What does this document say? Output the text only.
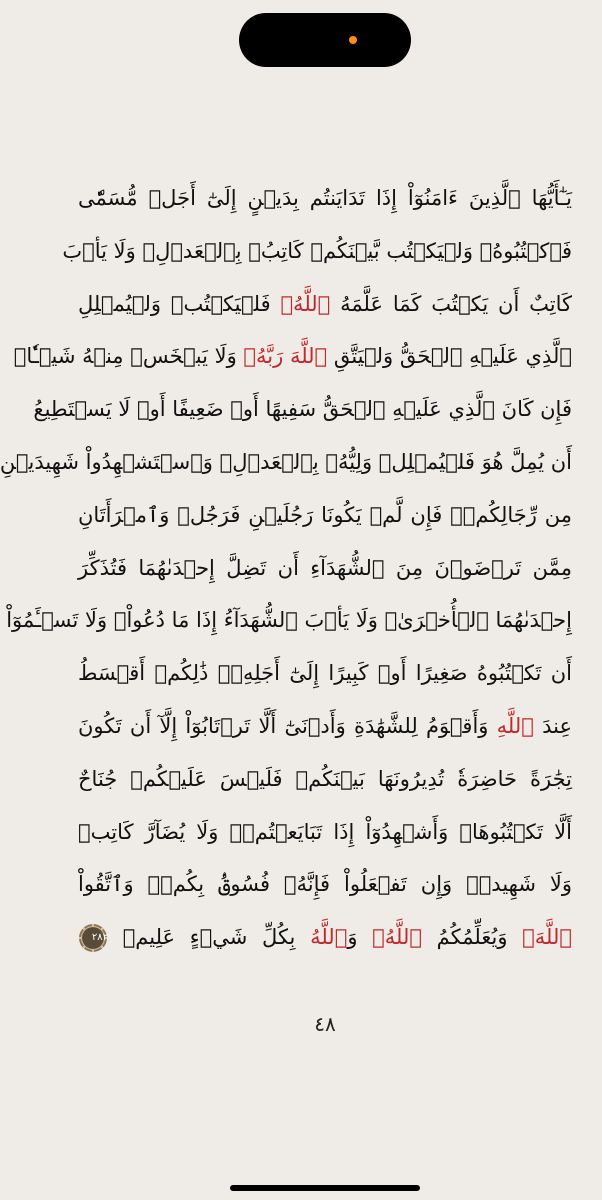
يَـٰٓأَيُّهَا ٱلَّذِينَ ءَامَنُوٓاْ إِذَا تَدَايَنتُم بِدَيۡنٍ إِلَىٰٓ أَجَلٖ مُّسَمّٗى
فَٱكۡتُبُوهُۚ وَلۡيَكۡتُب بَّيۡنَكُمۡ كَاتِبُۢ بِٱلۡعَدۡلِۚ وَلَا يَأۡبَ
كَاتِبٌ أَن يَكۡتُبَ كَمَا عَلَّمَهُ ٱللَّهُۚ فَلۡيَكۡتُبۡ وَلۡيُمۡلِلِ
ٱلَّذِي عَلَيۡهِ ٱلۡحَقُّ وَلۡيَتَّقِ ٱللَّهَ رَبَّهُۥ وَلَا يَبۡخَسۡ مِنۡهُ شَيۡـٔٗاۚ
فَإِن كَانَ ٱلَّذِي عَلَيۡهِ ٱلۡحَقُّ سَفِيهًا أَوۡ ضَعِيفًا أَوۡ لَا يَسۡتَطِيعُ
أَن يُمِلَّ هُوَ فَلۡيُمۡلِلۡ وَلِيُّهُۥ بِٱلۡعَدۡلِۚ وَٱسۡتَشۡهِدُواْ شَهِيدَيۡنِ
مِن رِّجَالِكُمۡۖ فَإِن لَّمۡ يَكُونَا رَجُلَيۡنِ فَرَجُلٞ وَٱمۡرَأَتَانِ
مِمَّن تَرۡضَوۡنَ مِنَ ٱلشُّهَدَآءِ أَن تَضِلَّ إِحۡدَىٰهُمَا فَتُذَكِّرَ
إِحۡدَىٰهُمَا ٱلۡأُخۡرَىٰۚ وَلَا يَأۡبَ ٱلشُّهَدَآءُ إِذَا مَا دُعُواْۚ وَلَا تَسۡـَٔمُوٓاْ
أَن تَكۡتُبُوهُ صَغِيرًا أَوۡ كَبِيرًا إِلَىٰٓ أَجَلِهِۦۚ ذَٰلِكُمۡ أَقۡسَطُ
عِندَ ٱللَّهِ وَأَقۡوَمُ لِلشَّهَٰدَةِ وَأَدۡنَىٰٓ أَلَّا تَرۡتَابُوٓاْ إِلَّآ أَن تَكُونَ
تِجَٰرَةً حَاضِرَةٗ تُدِيرُونَهَا بَيۡنَكُمۡ فَلَيۡسَ عَلَيۡكُمۡ جُنَاحٌ
أَلَّا تَكۡتُبُوهَاۗ وَأَشۡهِدُوٓاْ إِذَا تَبَايَعۡتُمۡۚ وَلَا يُضَآرَّ كَاتِبٞ
وَلَا شَهِيدٞۚ وَإِن تَفۡعَلُواْ فَإِنَّهُۥ فُسُوقُۢ بِكُمۡۗ وَٱتَّقُواْ
ٱللَّهَۖ وَيُعَلِّمُكُمُ ٱللَّهُۗ وَٱللَّهُ بِكُلِّ شَيۡءٍ عَلِيمٞ
٢٨٢
٤٨
